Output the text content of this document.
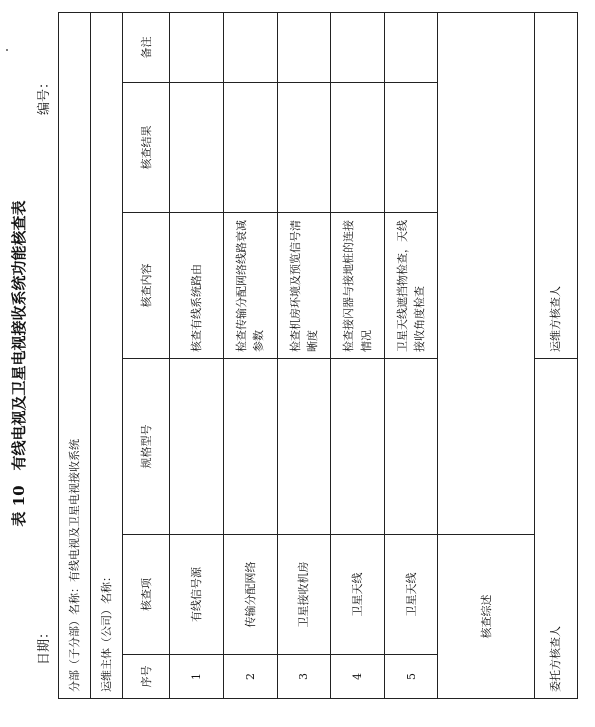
表 10　有线电视及卫星电视接收系统功能核查表
日期：
编号：
分部（子分部）名称：有线电视及卫星电视接收系统					
运维主体（公司）名称：					
序号	核查项	规格型号	核查内容	核查结果	备注
1	有线信号源		核查有线系统路由		
2	传输分配网络		检查传输分配网络线路衰减参数		
3	卫星接收机房		检查机房环境及预览信号清晰度		
4	卫星天线		检查接闪器与接地桩的连接情况		
5	卫星天线		卫星天线遮挡物检查，天线接收角度检查		
核查综述					
委托方核查人			运维方核查人		
